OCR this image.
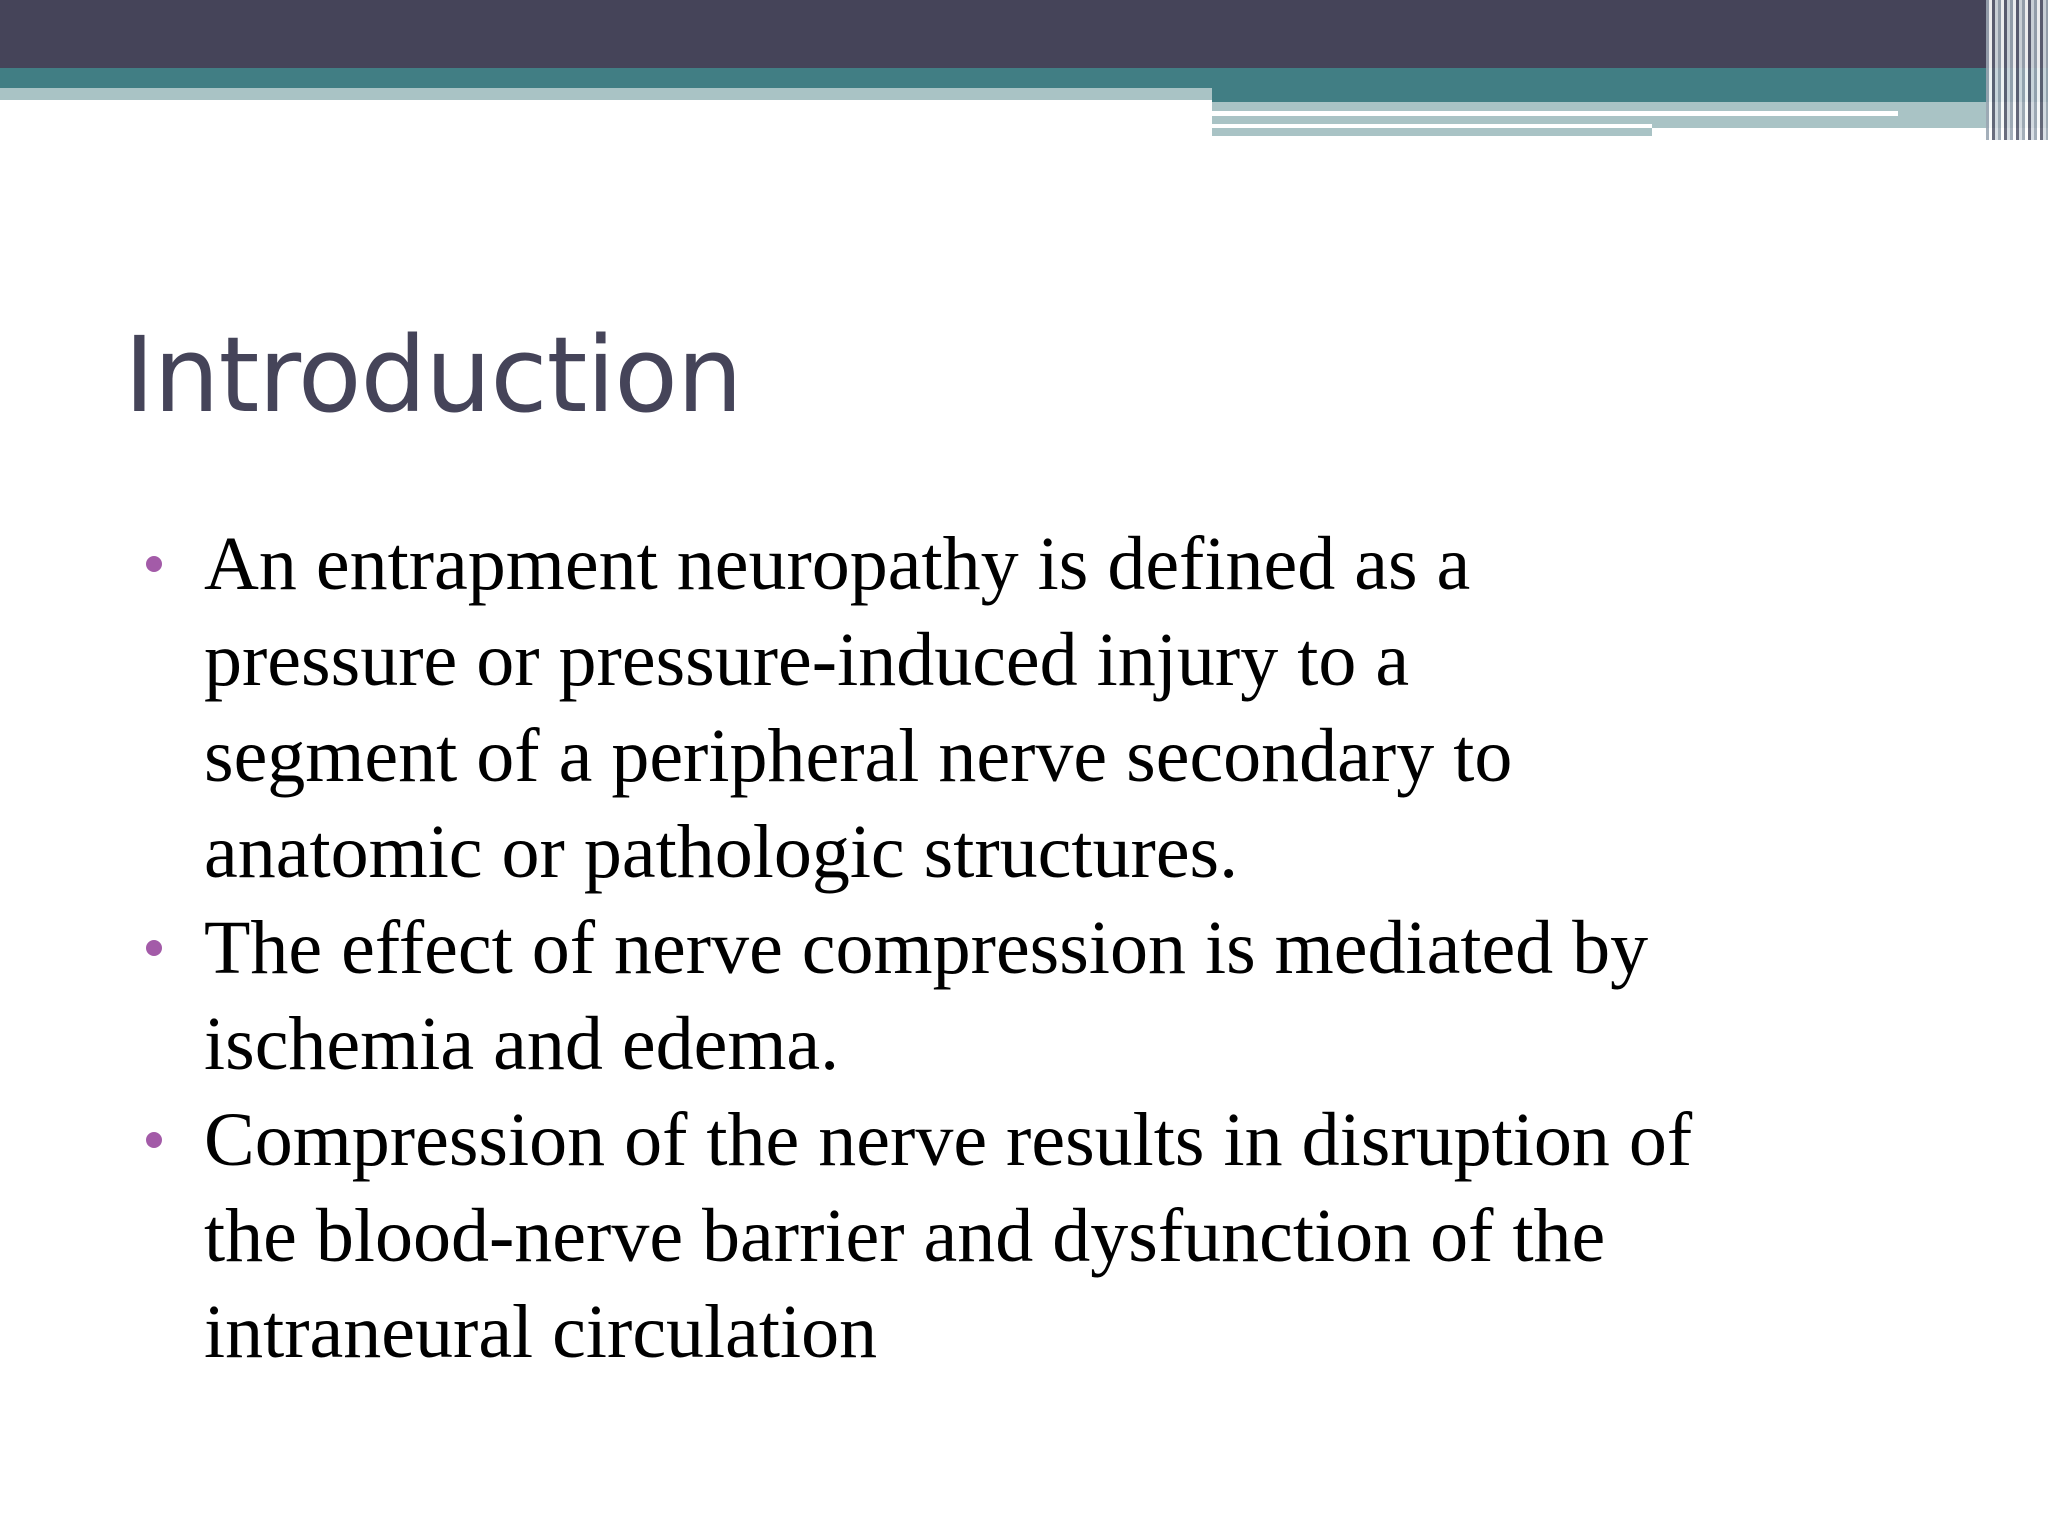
Introduction
An entrapment neuropathy is defined as a
pressure or pressure-induced injury to a
segment of a peripheral nerve secondary to
anatomic or pathologic structures.
The effect of nerve compression is mediated by
ischemia and edema.
Compression of the nerve results in disruption of
the blood-nerve barrier and dysfunction of the
intraneural circulation
